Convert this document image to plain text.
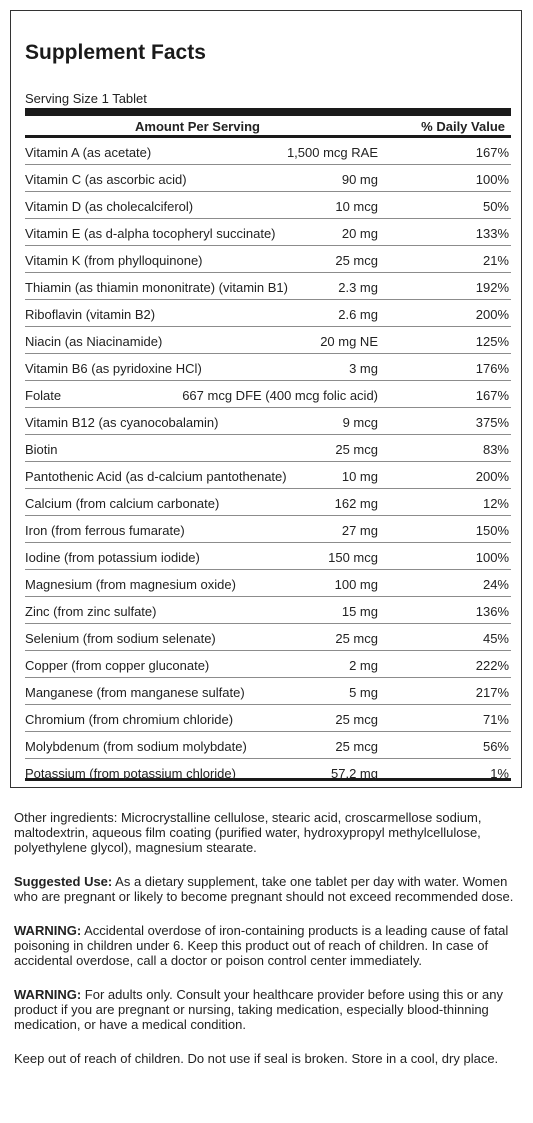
Supplement Facts
Serving Size 1 Tablet
Amount Per Serving	% Daily Value
Vitamin A (as acetate)	1,500 mcg RAE	167%
Vitamin C (as ascorbic acid)	90 mg	100%
Vitamin D (as cholecalciferol)	10 mcg	50%
Vitamin E (as d-alpha tocopheryl succinate)	20 mg	133%
Vitamin K (from phylloquinone)	25 mcg	21%
Thiamin (as thiamin mononitrate) (vitamin B1)	2.3 mg	192%
Riboflavin (vitamin B2)	2.6 mg	200%
Niacin (as Niacinamide)	20 mg NE	125%
Vitamin B6 (as pyridoxine HCl)	3 mg	176%
Folate	667 mcg DFE (400 mcg folic acid)	167%
Vitamin B12 (as cyanocobalamin)	9 mcg	375%
Biotin	25 mcg	83%
Pantothenic Acid (as d-calcium pantothenate)	10 mg	200%
Calcium (from calcium carbonate)	162 mg	12%
Iron (from ferrous fumarate)	27 mg	150%
Iodine (from potassium iodide)	150 mcg	100%
Magnesium (from magnesium oxide)	100 mg	24%
Zinc (from zinc sulfate)	15 mg	136%
Selenium (from sodium selenate)	25 mcg	45%
Copper (from copper gluconate)	2 mg	222%
Manganese (from manganese sulfate)	5 mg	217%
Chromium (from chromium chloride)	25 mcg	71%
Molybdenum (from sodium molybdate)	25 mcg	56%
Potassium (from potassium chloride)	57.2 mg	1%

Other ingredients: Microcrystalline cellulose, stearic acid, croscarmellose sodium, maltodextrin, aqueous film coating (purified water, hydroxypropyl methylcellulose, polyethylene glycol), magnesium stearate.

Suggested Use: As a dietary supplement, take one tablet per day with water. Women who are pregnant or likely to become pregnant should not exceed recommended dose.

WARNING: Accidental overdose of iron-containing products is a leading cause of fatal poisoning in children under 6. Keep this product out of reach of children. In case of accidental overdose, call a doctor or poison control center immediately.

WARNING: For adults only. Consult your healthcare provider before using this or any product if you are pregnant or nursing, taking medication, especially blood-thinning medication, or have a medical condition.

Keep out of reach of children. Do not use if seal is broken. Store in a cool, dry place.
